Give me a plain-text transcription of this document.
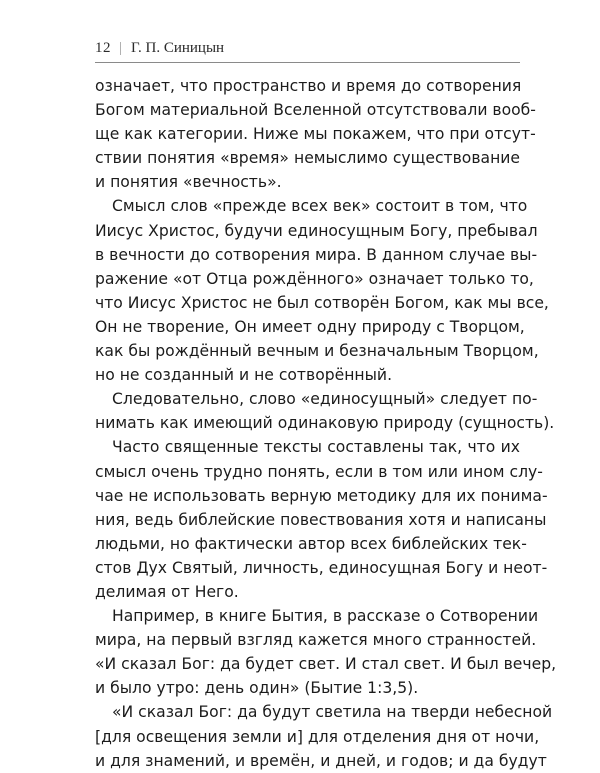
12 | Г. П. Синицын
означает, что пространство и время до сотворения
Богом материальной Вселенной отсутствовали вооб-
ще как категории. Ниже мы покажем, что при отсут-
ствии понятия «время» немыслимо существование
и понятия «вечность».
Смысл слов «прежде всех век» состоит в том, что
Иисус Христос, будучи единосущным Богу, пребывал
в вечности до сотворения мира. В данном случае вы-
ражение «от Отца рождённого» означает только то,
что Иисус Христос не был сотворён Богом, как мы все,
Он не творение, Он имеет одну природу с Творцом,
как бы рождённый вечным и безначальным Творцом,
но не созданный и не сотворённый.
Следовательно, слово «единосущный» следует по-
нимать как имеющий одинаковую природу (сущность).
Часто священные тексты составлены так, что их
смысл очень трудно понять, если в том или ином слу-
чае не использовать верную методику для их понима-
ния, ведь библейские повествования хотя и написаны
людьми, но фактически автор всех библейских тек-
стов Дух Святый, личность, единосущная Богу и неот-
делимая от Него.
Например, в книге Бытия, в рассказе о Сотворении
мира, на первый взгляд кажется много странностей.
«И сказал Бог: да будет свет. И стал свет. И был вечер,
и было утро: день один» (Бытие 1:3,5).
«И сказал Бог: да будут светила на тверди небесной
[для освещения земли и] для отделения дня от ночи,
и для знамений, и времён, и дней, и годов; и да будут
